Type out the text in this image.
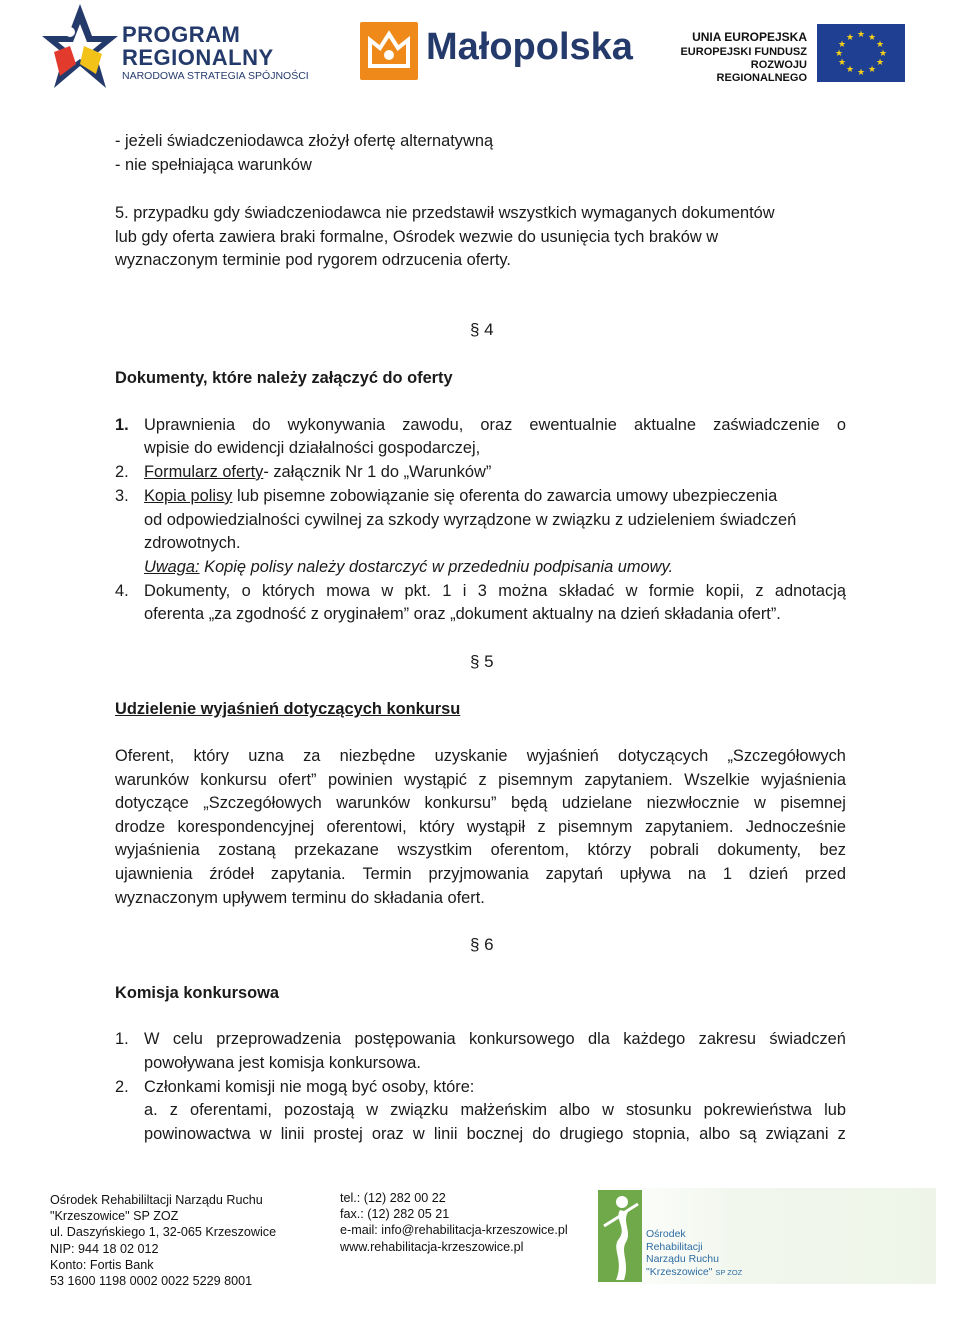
PROGRAM
REGIONALNY
NARODOWA STRATEGIA SPÓJNOŚCI
Małopolska	UNIA EUROPEJSKA
EUROPEJSKI FUNDUSZ
ROZWOJU REGIONALNEGO
★ ★
★
★
★
★
★
★
★
★
★
★
- jeżeli świadczeniodawca złożył ofertę alternatywną
- nie spełniająca warunków
5. przypadku gdy świadczeniodawca nie przedstawił wszystkich wymaganych dokumentów
lub gdy oferta zawiera braki formalne, Ośrodek wezwie do usunięcia tych braków w
wyznaczonym terminie pod rygorem odrzucenia oferty.
§ 4
Dokumenty, które należy załączyć do oferty
1. Uprawnienia do wykonywania zawodu, oraz ewentualnie aktualne zaświadczenie o
wpisie do ewidencji działalności gospodarczej,
2. Formularz oferty- załącznik Nr 1 do „Warunków”
3. Kopia polisy lub pisemne zobowiązanie się oferenta do zawarcia umowy ubezpieczenia
od odpowiedzialności cywilnej za szkody wyrządzone w związku z udzieleniem świadczeń
zdrowotnych.
Uwaga: Kopię polisy należy dostarczyć w przededniu podpisania umowy.
4. Dokumenty, o których mowa w pkt. 1 i 3 można składać w formie kopii, z adnotacją
oferenta „za zgodność z oryginałem” oraz „dokument aktualny na dzień składania ofert”.
§ 5
Udzielenie wyjaśnień dotyczących konkursu
Oferent, który uzna za niezbędne uzyskanie wyjaśnień dotyczących „Szczegółowych
warunków konkursu ofert” powinien wystąpić z pisemnym zapytaniem. Wszelkie wyjaśnienia
dotyczące „Szczegółowych warunków konkursu” będą udzielane niezwłocznie w pisemnej
drodze korespondencyjnej oferentowi, który wystąpił z pisemnym zapytaniem. Jednocześnie
wyjaśnienia zostaną przekazane wszystkim oferentom, którzy pobrali dokumenty, bez
ujawnienia źródeł zapytania. Termin przyjmowania zapytań upływa na 1 dzień przed
wyznaczonym upływem terminu do składania ofert.
§ 6
Komisja konkursowa
1. W celu przeprowadzenia postępowania konkursowego dla każdego zakresu świadczeń
powoływana jest komisja konkursowa.
2. Członkami komisji nie mogą być osoby, które:
a. z oferentami, pozostają w związku małżeńskim albo w stosunku pokrewieństwa lub
powinowactwa w linii prostej oraz w linii bocznej do drugiego stopnia, albo są związani z
Ośrodek Rehabililtacji Narządu Ruchu
"Krzeszowice" SP ZOZ
ul. Daszyńskiego 1, 32-065 Krzeszowice
NIP: 944 18 02 012
Konto: Fortis Bank
53 1600 1198 0002 0022 5229 8001
tel.: (12) 282 00 22
fax.: (12) 282 05 21
e-mail: info@rehabilitacja-krzeszowice.pl
www.rehabilitacja-krzeszowice.pl
Ośrodek
Rehabilitacji
Narządu Ruchu
"Krzeszowice" SP ZOZ
